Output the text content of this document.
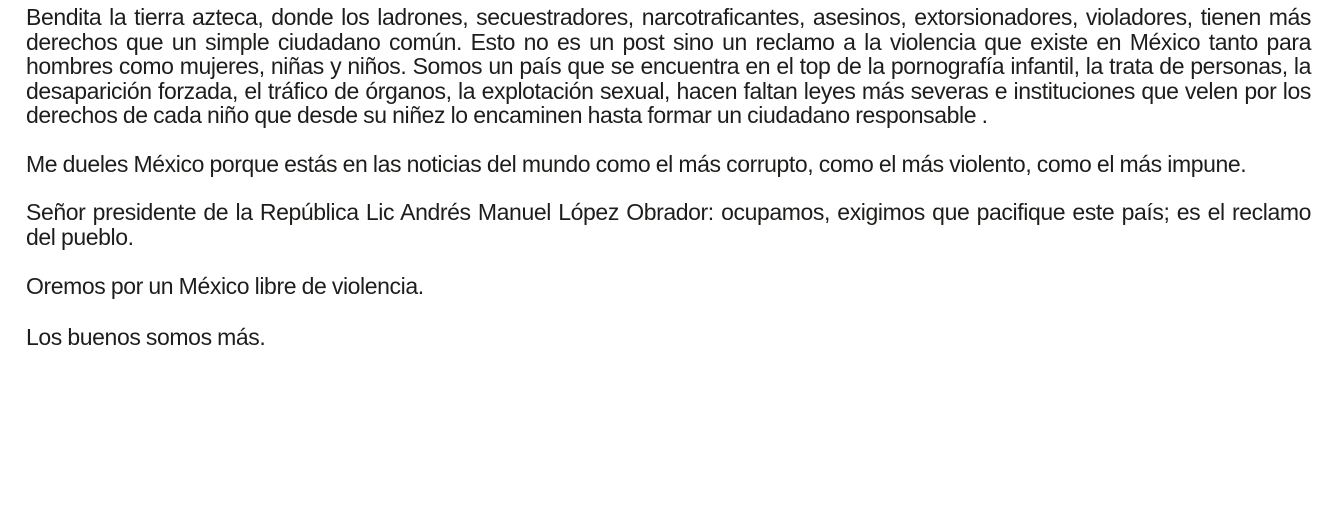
Bendita la tierra azteca, donde los ladrones, secuestradores, narcotraficantes, asesinos, extorsionadores, violadores, tienen más derechos que un simple ciudadano común. Esto no es un post sino un reclamo a la violencia que existe en México tanto para hombres como mujeres, niñas y niños. Somos un país que se encuentra en el top de la pornografía infantil, la trata de personas, la desaparición forzada, el tráfico de órganos, la explotación sexual, hacen faltan leyes más severas e instituciones que velen por los derechos de cada niño que desde su niñez lo encaminen hasta formar un ciudadano responsable .

Me dueles México porque estás en las noticias del mundo como el más corrupto, como el más violento, como el más impune.

Señor presidente de la República Lic Andrés Manuel López Obrador: ocupamos, exigimos que pacifique este país; es el reclamo del pueblo.

Oremos por un México libre de violencia.

Los buenos somos más.
